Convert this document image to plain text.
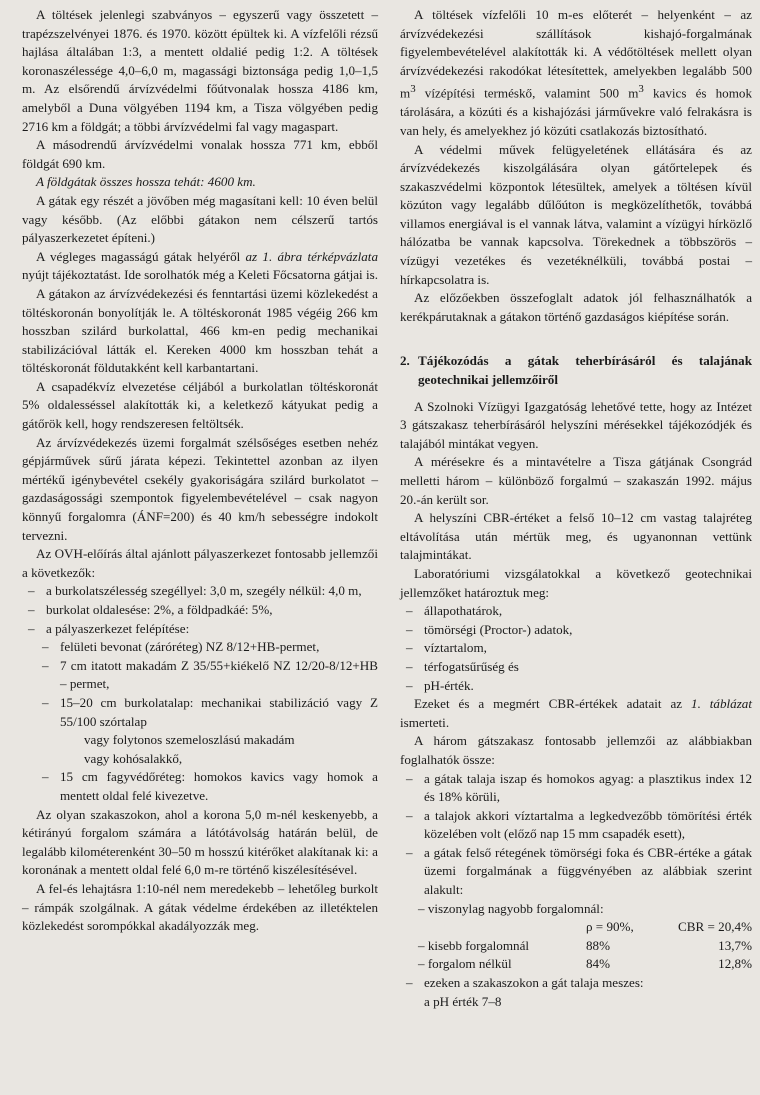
A töltések jelenlegi szabványos – egyszerű vagy összetett – trapézszelvényei 1876. és 1970. között épültek ki. A vízfelőli rézsű hajlása általában 1:3, a mentett oldalié pedig 1:2. A töltések koronaszélessége 4,0–6,0 m, magassági biztonsága pedig 1,0–1,5 m. Az elsőrendű árvízvédelmi főútvonalak hossza 4186 km, amelyből a Duna völgyében 1194 km, a Tisza völgyében pedig 2716 km a földgát; a többi árvízvédelmi fal vagy magaspart.

A másodrendű árvízvédelmi vonalak hossza 771 km, ebből földgát 690 km.

A földgátak összes hossza tehát: 4600 km.

A gátak egy részét a jövőben még magasítani kell: 10 éven belül vagy később. (Az előbbi gátakon nem célszerű tartós pályaszerkezetet építeni.)

A végleges magasságú gátak helyéről az 1. ábra térképvázlata nyújt tájékoztatást. Ide sorolhatók még a Keleti Főcsatorna gátjai is.

A gátakon az árvízvédekezési és fenntartási üzemi közlekedést a töltéskoronán bonyolítják le. A töltéskoronát 1985 végéig 266 km hosszban szilárd burkolattal, 466 km-en pedig mechanikai stabilizációval látták el. Kereken 4000 km hosszban tehát a töltéskoronát földutakként kell karbantartani.

A csapadékvíz elvezetése céljából a burkolatlan töltéskoronát 5% oldalesséssel alakították ki, a keletkező kátyukat pedig a gátőrök kell, hogy rendszeresen feltöltsék.

Az árvízvédekezés üzemi forgalmát szélsőséges esetben nehéz gépjárművek sűrű járata képezi. Tekintettel azonban az ilyen mértékű igénybevétel csekély gyakoriságára szilárd burkolatot – gazdaságossági szempontok figyelembevételével – csak nagyon könnyű forgalomra (ÁNF=200) és 40 km/h sebességre indokolt tervezni.

Az OVH-előírás által ajánlott pályaszerkezet fontosabb jellemzői a következők:

– a burkolatszélesség szegéllyel: 3,0 m, szegély nélkül: 4,0 m,
– burkolat oldalesése: 2%, a földpadkáé: 5%,
– a pályaszerkezet felépítése:
– felületi bevonat (záróréteg) NZ 8/12+HB-permet,
– 7 cm itatott makadám Z 35/55+kiékelő NZ 12/20-8/12+HB – permet,
– 15–20 cm burkolatalap: mechanikai stabilizáció vagy Z 55/100 szórtalap
vagy folytonos szemeloszlású makadám
vagy kohósalakkő,
– 15 cm fagyvédőréteg: homokos kavics vagy homok a mentett oldal felé kivezetve.

Az olyan szakaszokon, ahol a korona 5,0 m-nél keskenyebb, a kétirányú forgalom számára a látótávolság határán belül, de legalább kilométerenként 30–50 m hosszú kitérőket alakítanak ki: a koronának a mentett oldal felé 6,0 m-re történő kiszélesítésével.

A fel-és lehajtásra 1:10-nél nem meredekebb – lehetőleg burkolt – rámpák szolgálnak. A gátak védelme érdekében az illetéktelen közlekedést sorompókkal akadályozzák meg.

A töltések vízfelőli 10 m-es előterét – helyenként – az árvízvédekezési szállítások kishajó-forgalmának figyelembevételével alakították ki. A védőtöltések mellett olyan árvízvédekezési rakodókat létesítettek, amelyekben legalább 500 $m^3$ vízépítési terméskő, valamint 500 $m^3$ kavics és homok tárolására, a közúti és a kishajózási járművekre való felrakásra is van hely, és amelyekhez jó közúti csatlakozás biztosítható.

A védelmi művek felügyeletének ellátására és az árvízvédekezés kiszolgálására olyan gátőrtelepek és szakaszvédelmi központok létesültek, amelyek a töltésen kívül közúton vagy legalább dűlőúton is megközelíthetők, továbbá villamos energiával is el vannak látva, valamint a vízügyi hírközlő hálózatba be vannak kapcsolva. Törekednek a többszörös – vízügyi vezetékes és vezetéknélküli, továbbá postai – hírkapcsolatra is.

Az előzőekben összefoglalt adatok jól felhasználhatók a kerékpárutaknak a gátakon történő gazdaságos kiépítése során.

2. Tájékozódás a gátak teherbírásáról és talajának geotechnikai jellemzőiről

A Szolnoki Vízügyi Igazgatóság lehetővé tette, hogy az Intézet 3 gátszakasz teherbírásáról helyszíni mérésekkel tájékozódjék és talajából mintákat vegyen.

A mérésekre és a mintavételre a Tisza gátjának Csongrád melletti három – különböző forgalmú – szakaszán 1992. május 20.-án került sor.

A helyszíni CBR-értéket a felső 10–12 cm vastag talajréteg eltávolítása után mértük meg, és ugyanonnan vettünk talajmintákat.

Laboratóriumi vizsgálatokkal a következő geotechnikai jellemzőket határoztuk meg:

– állapothatárok,
– tömörségi (Proctor-) adatok,
– víztartalom,
– térfogatsűrűség és
– pH-érték.

Ezeket és a megmért CBR-értékek adatait az 1. táblázat ismerteti.

A három gátszakasz fontosabb jellemzői az alábbiakban foglalhatók össze:

– a gátak talaja iszap és homokos agyag: a plasztikus index 12 és 18% körüli,
– a talajok akkori víztartalma a legkedvezőbb tömörítési érték közelében volt (előző nap 15 mm csapadék esett),
– a gátak felső rétegének tömörségi foka és CBR-értéke a gátak üzemi forgalmának a függvényében az alábbiak szerint alakult:
– viszonylag nagyobb forgalomnál:		
	ρ = 90%,	CBR = 20,4%
– kisebb forgalomnál	88%	13,7%
– forgalom nélkül	84%	12,8%
– ezeken a szakaszokon a gát talaja meszes:
a pH érték 7–8
